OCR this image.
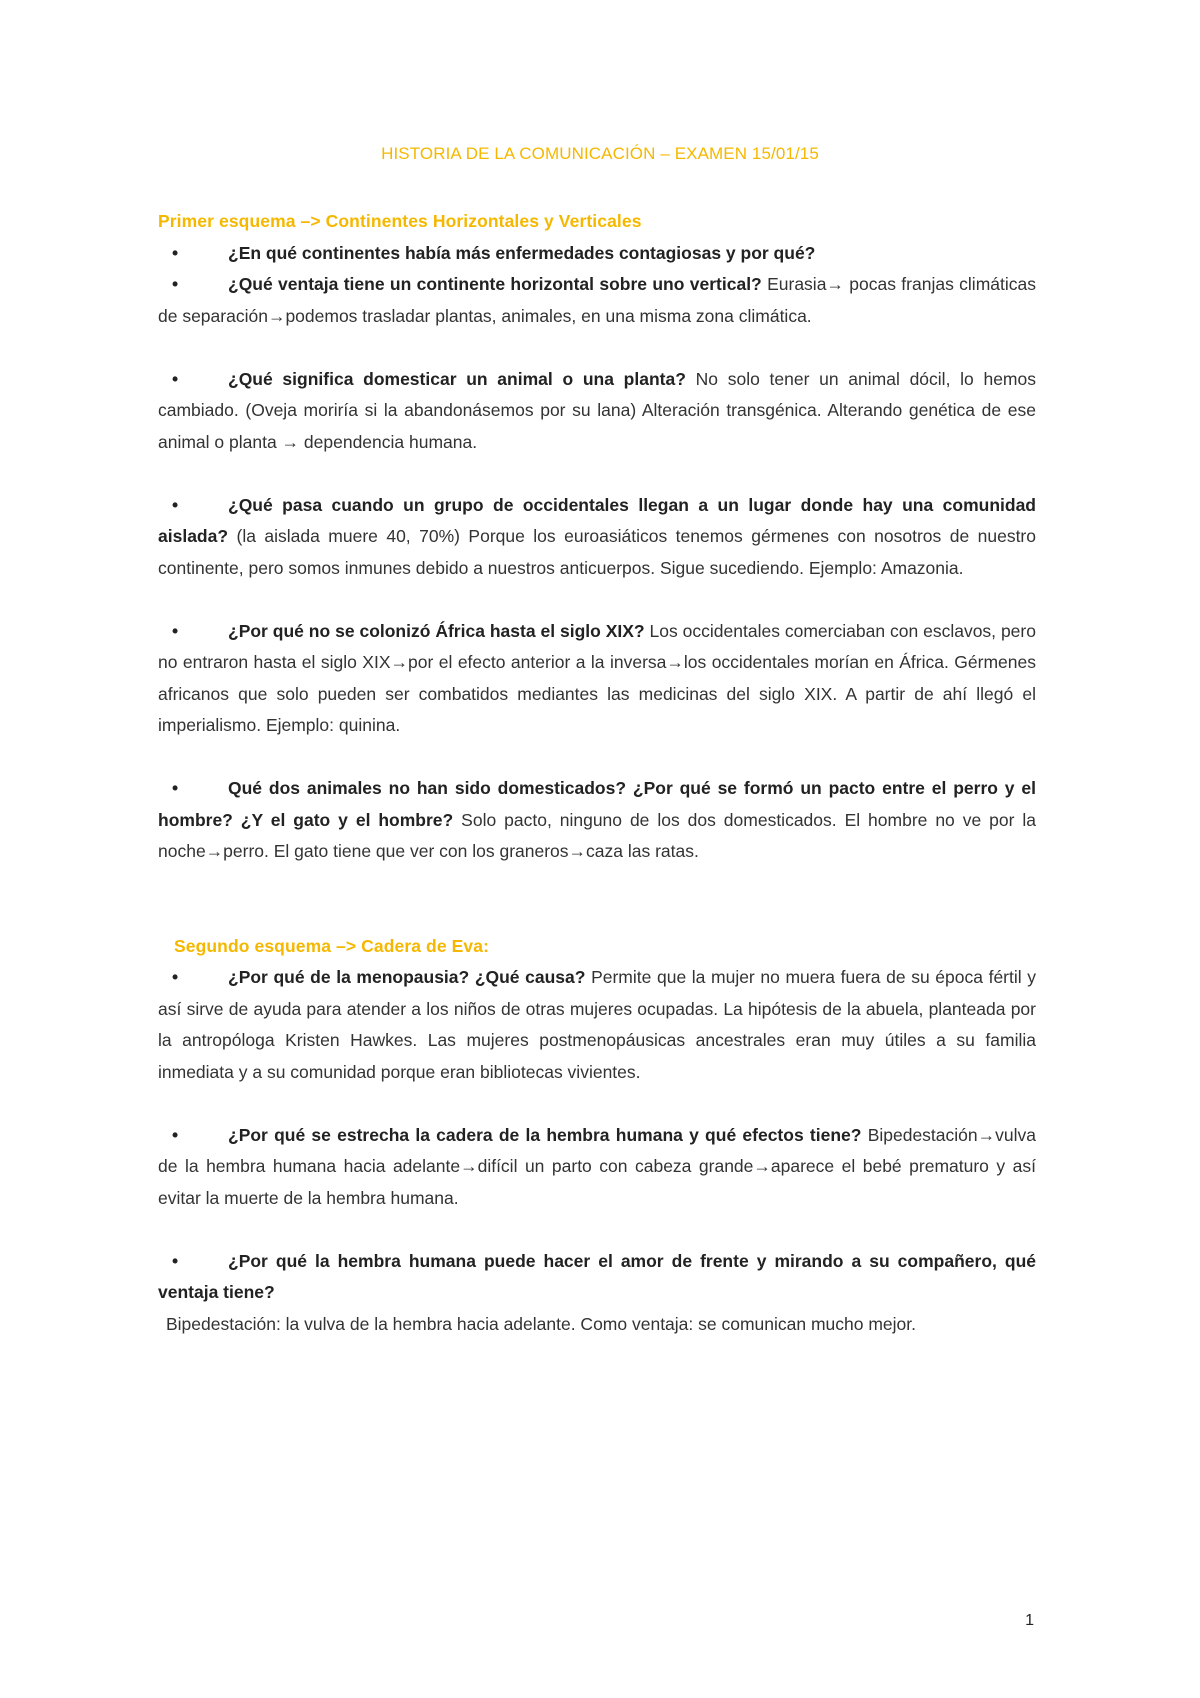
HISTORIA DE LA COMUNICACIÓN – EXAMEN 15/01/15

Primer esquema –> Continentes Horizontales y Verticales

•	¿En qué continentes había más enfermedades contagiosas y por qué?

•	¿Qué ventaja tiene un continente horizontal sobre uno vertical? Eurasia→ pocas franjas climáticas de separación→podemos trasladar plantas, animales, en una misma zona climática.

•	¿Qué significa domesticar un animal o una planta? No solo tener un animal dócil, lo hemos cambiado. (Oveja moriría si la abandonásemos por su lana) Alteración transgénica. Alterando genética de ese animal o planta → dependencia humana.

•	¿Qué pasa cuando un grupo de occidentales llegan a un lugar donde hay una comunidad aislada? (la aislada muere 40, 70%) Porque los euroasiáticos tenemos gérmenes con nosotros de nuestro continente, pero somos inmunes debido a nuestros anticuerpos. Sigue sucediendo. Ejemplo: Amazonia.

•	¿Por qué no se colonizó África hasta el siglo XIX? Los occidentales comerciaban con esclavos, pero no entraron hasta el siglo XIX→por el efecto anterior a la inversa→los occidentales morían en África. Gérmenes africanos que solo pueden ser combatidos mediantes las medicinas del siglo XIX. A partir de ahí llegó el imperialismo. Ejemplo: quinina.

•	Qué dos animales no han sido domesticados? ¿Por qué se formó un pacto entre el perro y el hombre? ¿Y el gato y el hombre? Solo pacto, ninguno de los dos domesticados. El hombre no ve por la noche→perro. El gato tiene que ver con los graneros→caza las ratas.

Segundo esquema –> Cadera de Eva:

•	¿Por qué de la menopausia? ¿Qué causa? Permite que la mujer no muera fuera de su época fértil y así sirve de ayuda para atender a los niños de otras mujeres ocupadas. La hipótesis de la abuela, planteada por la antropóloga Kristen Hawkes. Las mujeres postmenopáusicas ancestrales eran muy útiles a su familia inmediata y a su comunidad porque eran bibliotecas vivientes.

•	¿Por qué se estrecha la cadera de la hembra humana y qué efectos tiene? Bipedestación→vulva de la hembra humana hacia adelante→difícil un parto con cabeza grande→aparece el bebé prematuro y así evitar la muerte de la hembra humana.

•	¿Por qué la hembra humana puede hacer el amor de frente y mirando a su compañero, qué ventaja tiene?

Bipedestación: la vulva de la hembra hacia adelante. Como ventaja: se comunican mucho mejor.

1
